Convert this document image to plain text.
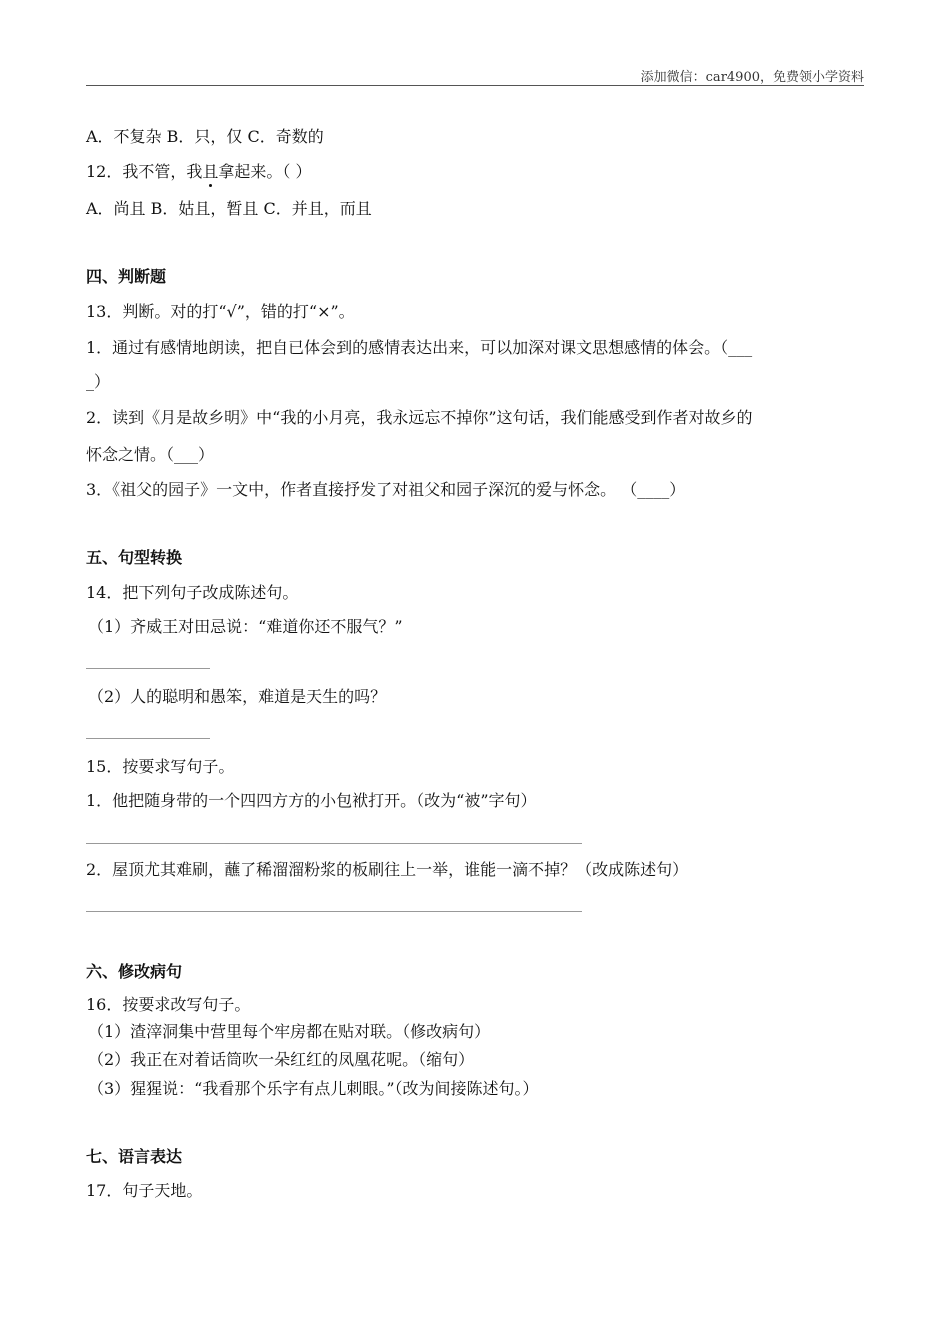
添加微信：car4900，免费领小学资料
A．不复杂 B．只，仅 C．奇数的
12．我不管，我且拿起来。（ ）
A．尚且 B．姑且，暂且 C．并且，而且
四、判断题
13．判断。对的打“√”，错的打“×”。
1．通过有感情地朗读，把自已体会到的感情表达出来，可以加深对课文思想感情的体会。（___
_）
2．读到《月是故乡明》中“我的小月亮，我永远忘不掉你”这句话，我们能感受到作者对故乡的
怀念之情。（___）
3．《祖父的园子》一文中，作者直接抒发了对祖父和园子深沉的爱与怀念。 （____）
五、句型转换
14．把下列句子改成陈述句。
（1）齐威王对田忌说：“难道你还不服气？”
（2）人的聪明和愚笨，难道是天生的吗？
15．按要求写句子。
1．他把随身带的一个四四方方的小包袱打开。（改为“被”字句）
2．屋顶尤其难刷，蘸了稀溜溜粉浆的板刷往上一举，谁能一滴不掉？（改成陈述句）
六、修改病句
16．按要求改写句子。
（1）渣滓洞集中营里每个牢房都在贴对联。（修改病句）
（2）我正在对着话筒吹一朵红红的凤凰花呢。（缩句）
（3）猩猩说：“我看那个乐字有点儿刺眼。”（改为间接陈述句。）
七、语言表达
17．句子天地。
